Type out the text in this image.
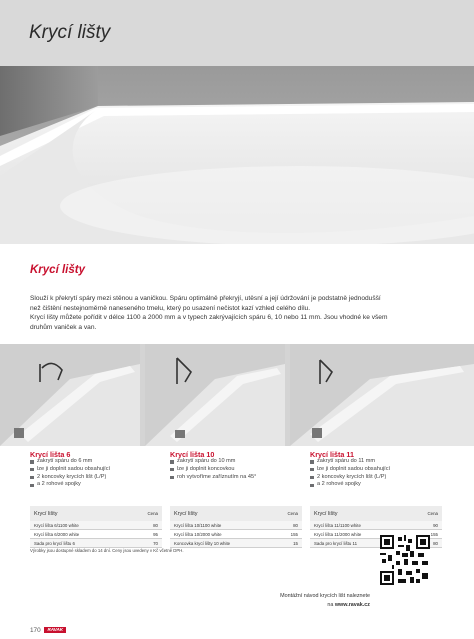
Krycí lišty
Krycí lišty

Slouží k překrytí spáry mezi stěnou a vaničkou. Spáru optimálně překryjí, utěsní a její údržování je podstatně jednodušší

než čištění nestejnoměrně naneseného tmelu, který po usazení nečistot kazí vzhled celého dílu.

Krycí lišty můžete pořídit v délce 1100 a 2000 mm a v typech zakrývajících spáru 6, 10 nebo 11 mm. Jsou vhodné ke všem

druhům vaniček a van.

Krycí lišta 6
zakrytí spáru do 6 mm
lze ji doplnit sadou obsahující
2 koncovky krycích lišt (L/P)
a 2 rohové spojky
Krycí lišty	Cena
Krycí lišta 6/1100 white	80
Krycí lišta 6/2000 white	95
Sada pro krycí lištu 6	70
Krycí lišta 10
zakrytí spáru do 10 mm
lze ji doplnit koncovkou
roh vytvoříme zaříznutím na 45°
Krycí lišty	Cena
Krycí lišta 10/1100 white	80
Krycí lišta 10/2000 white	155
Koncovka krycí lišty 10 white	15
Krycí lišta 11
zakrytí spáru do 11 mm
lze ji doplnit sadou obsahující
2 koncovky krycích lišt (L/P)
a 2 rohové spojky
Krycí lišty	Cena
Krycí lišta 11/1100 white	90
Krycí lišta 11/2000 white	155
Sada pro krycí lištu 11	80
Výrobky jsou dostupné skladem do 14 dní. Ceny jsou uvedeny v Kč včetně DPH.
Montážní návod krycích lišt naleznete
na www.ravak.cz
170 RAVAK
